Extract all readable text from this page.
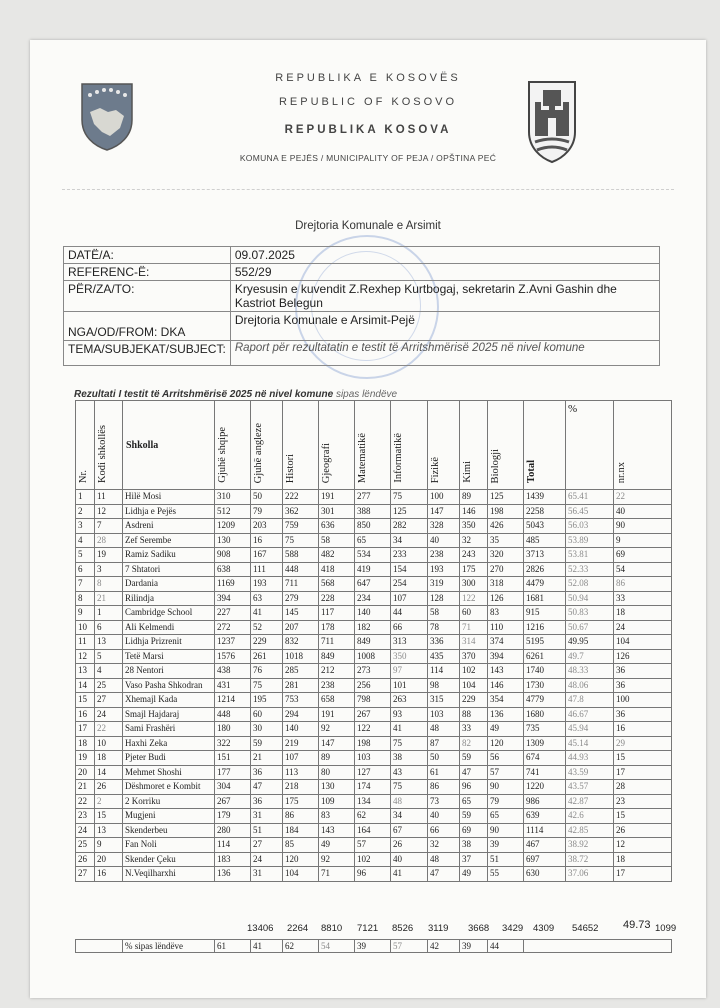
REPUBLIKA E KOSOVËS
REPUBLIC OF KOSOVO
REPUBLIKA KOSOVA
KOMUNA E PEJËS / MUNICIPALITY OF PEJA / OPŠTINA PEĆ
Drejtoria Komunale e Arsimit
DATË/A:	09.07.2025
REFERENC-Ë:	552/29
PËR/ZA/TO:	Kryesusin e kuvendit Z.Rexhep Kurtbogaj, sekretarin Z.Avni Gashin dhe Kastriot Belegun
NGA/OD/FROM: DKA	Drejtoria Komunale e Arsimit-Pejë
TEMA/SUBJEKAT/SUBJECT:	Raport për rezultatatin e testit të Arritshmërisë 2025 në nivel komune
Rezultati I testit të Arritshmërisë 2025 në nivel komune sipas lëndëve
Nr.	Kodi shkollës	Shkolla	Gjuhë shqipe	Gjuhë angleze	Histori	Gjeografi	Matematikë	Informatikë	Fizikë	Kimi	Biologji	Total	%	nr.nx
1	11	Hilë Mosi	310	50	222	191	277	75	100	89	125	1439	65.41	22
2	12	Lidhja e Pejës	512	79	362	301	388	125	147	146	198	2258	56.45	40
3	7	Asdreni	1209	203	759	636	850	282	328	350	426	5043	56.03	90
4	28	Zef Serembe	130	16	75	58	65	34	40	32	35	485	53.89	9
5	19	Ramiz Sadiku	908	167	588	482	534	233	238	243	320	3713	53.81	69
6	3	7 Shtatori	638	111	448	418	419	154	193	175	270	2826	52.33	54
7	8	Dardania	1169	193	711	568	647	254	319	300	318	4479	52.08	86
8	21	Rilindja	394	63	279	228	234	107	128	122	126	1681	50.94	33
9	1	Cambridge School	227	41	145	117	140	44	58	60	83	915	50.83	18
10	6	Ali Kelmendi	272	52	207	178	182	66	78	71	110	1216	50.67	24
11	13	Lidhja Prizrenit	1237	229	832	711	849	313	336	314	374	5195	49.95	104
12	5	Tetë Marsi	1576	261	1018	849	1008	350	435	370	394	6261	49.7	126
13	4	28 Nentori	438	76	285	212	273	97	114	102	143	1740	48.33	36
14	25	Vaso Pasha Shkodran	431	75	281	238	256	101	98	104	146	1730	48.06	36
15	27	Xhemajl Kada	1214	195	753	658	798	263	315	229	354	4779	47.8	100
16	24	Smajl Hajdaraj	448	60	294	191	267	93	103	88	136	1680	46.67	36
17	22	Sami Frashëri	180	30	140	92	122	41	48	33	49	735	45.94	16
18	10	Haxhi Zeka	322	59	219	147	198	75	87	82	120	1309	45.14	29
19	18	Pjeter Budi	151	21	107	89	103	38	50	59	56	674	44.93	15
20	14	Mehmet Shoshi	177	36	113	80	127	43	61	47	57	741	43.59	17
21	26	Dëshmoret e Kombit	304	47	218	130	174	75	86	96	90	1220	43.57	28
22	2	2 Korriku	267	36	175	109	134	48	73	65	79	986	42.87	23
23	15	Mugjeni	179	31	86	83	62	34	40	59	65	639	42.6	15
24	13	Skenderbeu	280	51	184	143	164	67	66	69	90	1114	42.85	26
25	9	Fan Noli	114	27	85	49	57	26	32	38	39	467	38.92	12
26	20	Skender Çeku	183	24	120	92	102	40	48	37	51	697	38.72	18
27	16	N.Veqilharxhi	136	31	104	71	96	41	47	49	55	630	37.06	17
13406 2264 8810 7121 8526 3119 3668 3429 4309 54652 49.73 1099
	% sipas lëndëve	61	41	62	54	39	57	42	39	44	
